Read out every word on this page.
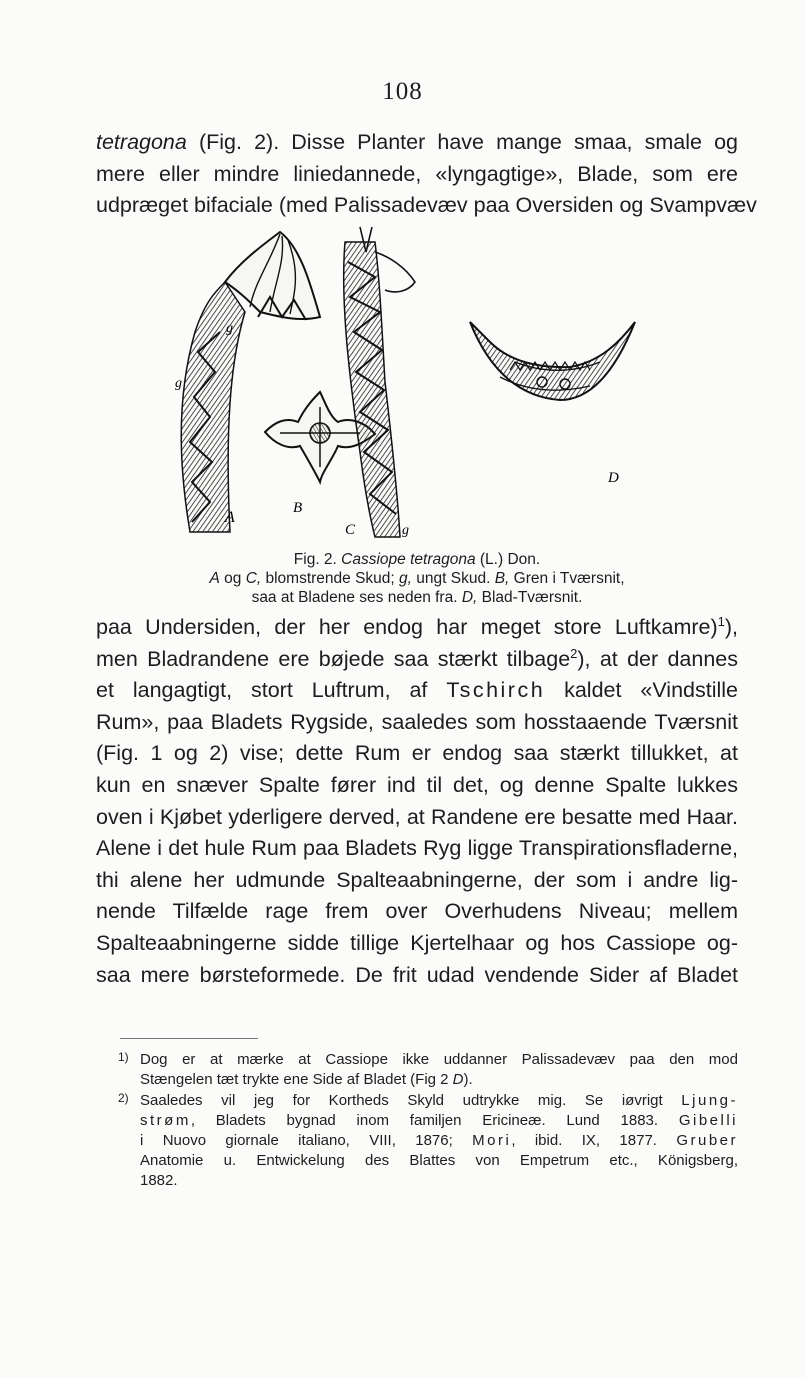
108

tetragona (Fig. 2). Disse Planter have mange smaa, smale og
mere eller mindre liniedannede, «lyngagtige», Blade, som ere
udpræget bifaciale (med Palissadevæv paa Oversiden og Svampvæv

A
B
C
D
g
g
g
Fig. 2. Cassiope tetragona (L.) Don.
A og C, blomstrende Skud; g, ungt Skud. B, Gren i Tværsnit,
saa at Bladene ses neden fra. D, Blad-Tværsnit.

paa Undersiden, der her endog har meget store Luftkamre)$^1$),
men Bladrandene ere bøjede saa stærkt tilbage$^2$), at der dannes
et langagtigt, stort Luftrum, af Tschirch kaldet «Vindstille
Rum», paa Bladets Rygside, saaledes som hosstaaende Tværsnit
(Fig. 1 og 2) vise; dette Rum er endog saa stærkt tillukket, at
kun en snæver Spalte fører ind til det, og denne Spalte lukkes
oven i Kjøbet yderligere derved, at Randene ere besatte med Haar.
Alene i det hule Rum paa Bladets Ryg ligge Transpirationsfladerne,
thi alene her udmunde Spalteaabningerne, der som i andre lig-
nende Tilfælde rage frem over Overhudens Niveau; mellem
Spalteaabningerne sidde tillige Kjertelhaar og hos Cassiope og-
saa mere børsteformede. De frit udad vendende Sider af Bladet

1) Dog er at mærke at Cassiope ikke uddanner Palissadevæv paa den mod
Stængelen tæt trykte ene Side af Bladet (Fig 2 D).
2) Saaledes vil jeg for Kortheds Skyld udtrykke mig. Se iøvrigt Ljung-
strøm, Bladets bygnad inom familjen Ericineæ. Lund 1883. Gibelli
i Nuovo giornale italiano, VIII, 1876; Mori, ibid. IX, 1877. Gruber
Anatomie u. Entwickelung des Blattes von Empetrum etc., Königsberg,
1882.
